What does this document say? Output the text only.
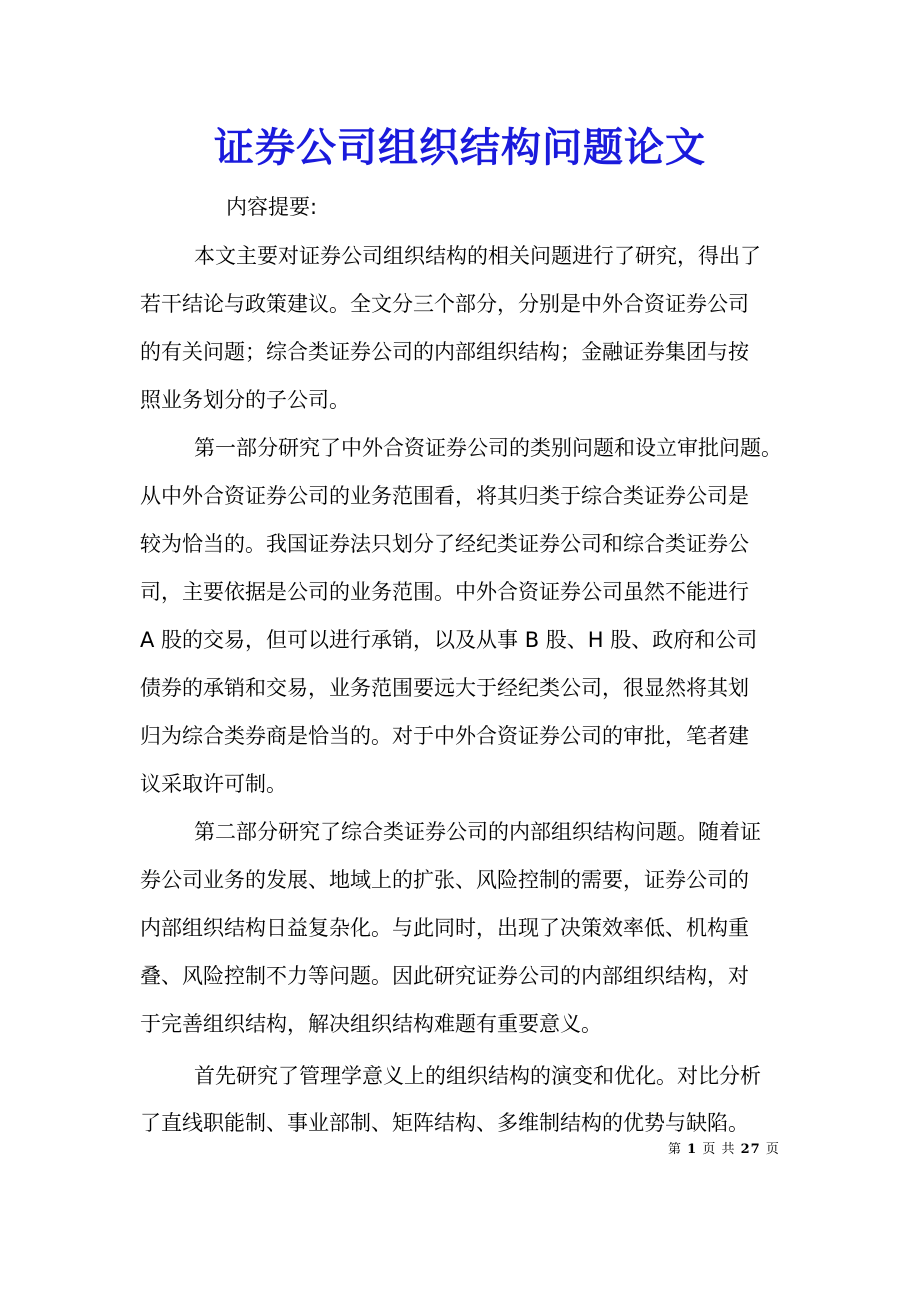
证券公司组织结构问题论文
内容提要:
本文主要对证券公司组织结构的相关问题进行了研究，得出了
若干结论与政策建议。全文分三个部分，分别是中外合资证券公司
的有关问题；综合类证券公司的内部组织结构；金融证券集团与按
照业务划分的子公司。
第一部分研究了中外合资证券公司的类别问题和设立审批问题。
从中外合资证券公司的业务范围看，将其归类于综合类证券公司是
较为恰当的。我国证券法只划分了经纪类证券公司和综合类证券公
司，主要依据是公司的业务范围。中外合资证券公司虽然不能进行
A 股的交易，但可以进行承销，以及从事 B 股、H 股、政府和公司
债券的承销和交易，业务范围要远大于经纪类公司，很显然将其划
归为综合类券商是恰当的。对于中外合资证券公司的审批，笔者建
议采取许可制。
第二部分研究了综合类证券公司的内部组织结构问题。随着证
券公司业务的发展、地域上的扩张、风险控制的需要，证券公司的
内部组织结构日益复杂化。与此同时，出现了决策效率低、机构重
叠、风险控制不力等问题。因此研究证券公司的内部组织结构，对
于完善组织结构，解决组织结构难题有重要意义。
首先研究了管理学意义上的组织结构的演变和优化。对比分析
了直线职能制、事业部制、矩阵结构、多维制结构的优势与缺陷。
第 1 页 共 27 页
